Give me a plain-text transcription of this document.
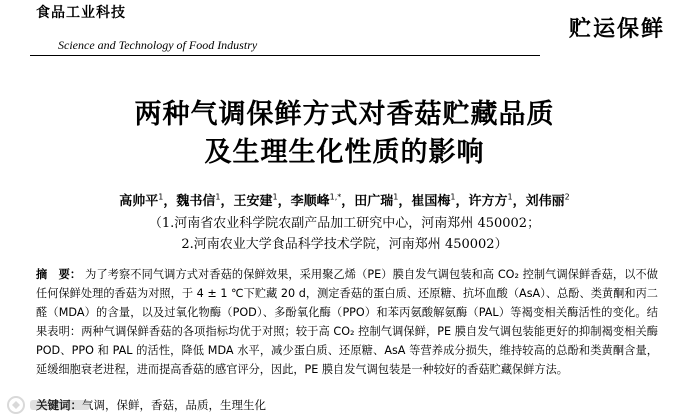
食品工业科技
Science and Technology of Food Industry
贮运保鲜
两种气调保鲜方式对香菇贮藏品质
及生理生化性质的影响
高帅平$^1$，魏书信$^1$，王安建$^1$，李顺峰$^{1,*}$，田广瑞$^1$，崔国梅$^1$，许方方$^1$，刘伟丽$^2$
（1.河南省农业科学院农副产品加工研究中心，河南郑州 450002；
2.河南农业大学食品科学技术学院，河南郑州 450002）
摘　要： 为了考察不同气调方式对香菇的保鲜效果，采用聚乙烯（PE）膜自发气调包装和高 CO₂ 控制气调保鲜香菇，以不做任何保鲜处理的香菇为对照，于 4 ± 1 ℃下贮藏 20 d，测定香菇的蛋白质、还原糖、抗坏血酸（AsA）、总酚、类黄酮和丙二醛（MDA）的含量，以及过氧化物酶（POD）、多酚氧化酶（PPO）和苯丙氨酸解氨酶（PAL）等褐变相关酶活性的变化。结果表明：两种气调保鲜香菇的各项指标均优于对照；较于高 CO₂ 控制气调保鲜，PE 膜自发气调包装能更好的抑制褐变相关酶 POD、PPO 和 PAL 的活性，降低 MDA 水平，减少蛋白质、还原糖、AsA 等营养成分损失，维持较高的总酚和类黄酮含量，延缓细胞衰老进程，进而提高香菇的感官评分，因此，PE 膜自发气调包装是一种较好的香菇贮藏保鲜方法。
关键词：气调，保鲜，香菇，品质，生理生化
